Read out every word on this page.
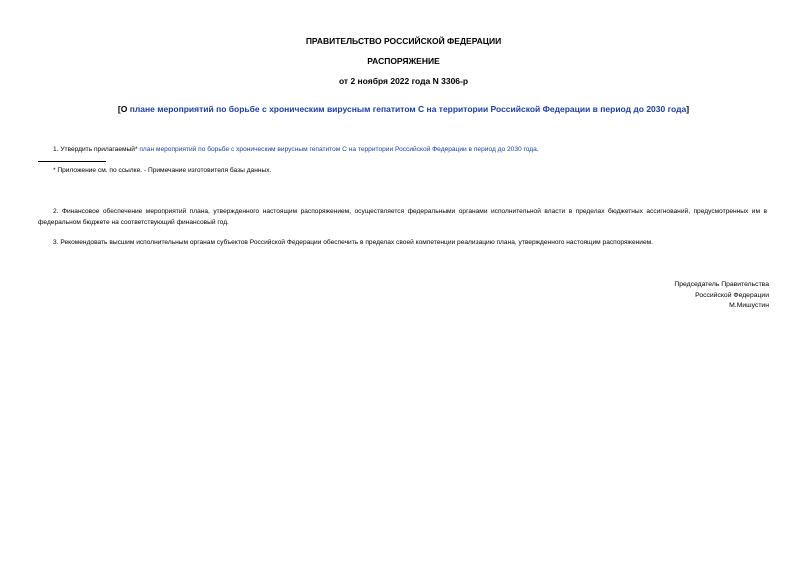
ПРАВИТЕЛЬСТВО РОССИЙСКОЙ ФЕДЕРАЦИИ
РАСПОРЯЖЕНИЕ
от 2 ноября 2022 года N 3306-р
[О плане мероприятий по борьбе с хроническим вирусным гепатитом С на территории Российской Федерации в период до 2030 года]
1. Утвердить прилагаемый* план мероприятий по борьбе с хроническим вирусным гепатитом С на территории Российской Федерации в период до 2030 года.
* Приложение см. по ссылке. - Примечание изготовителя базы данных.
2. Финансовое обеспечение мероприятий плана, утвержденного настоящим распоряжением, осуществляется федеральными органами исполнительной власти в пределах бюджетных ассигнований, предусмотренных им в федеральном бюджете на соответствующий финансовый год.
3. Рекомендовать высшим исполнительным органам субъектов Российской Федерации обеспечить в пределах своей компетенции реализацию плана, утвержденного настоящим распоряжением.
Председатель Правительства
Российской Федерации
М.Мишустин
